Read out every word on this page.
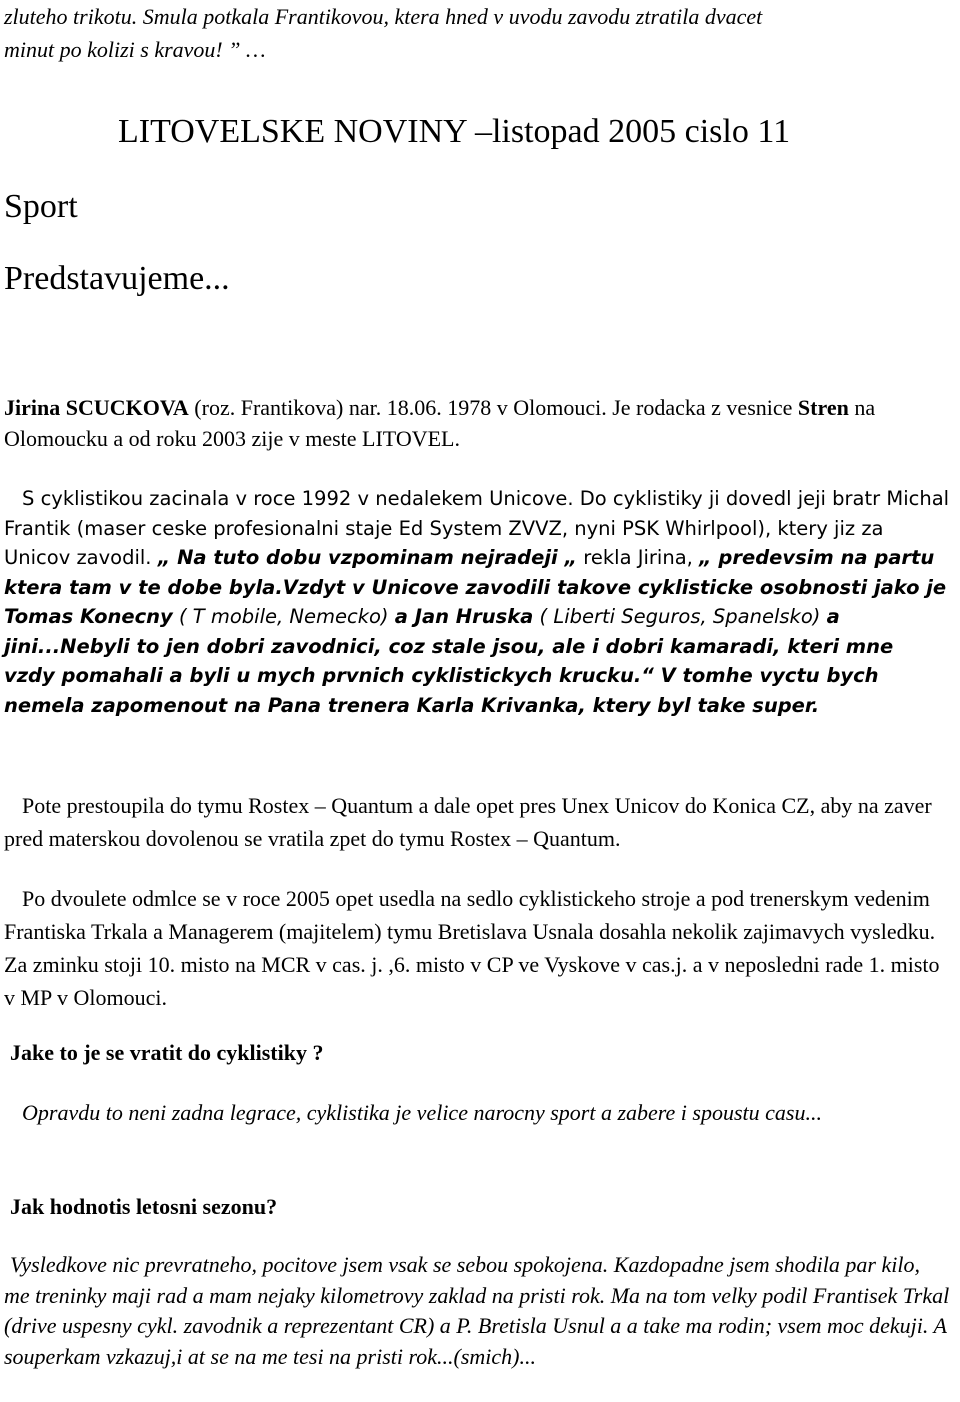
zluteho trikotu. Smula potkala Frantikovou, ktera hned v uvodu zavodu ztratila dvacet
minut po kolizi s kravou! ” …

LITOVELSKE NOVINY –listopad 2005 cislo 11
Sport
Predstavujeme...

Jirina SCUCKOVA (roz. Frantikova) nar. 18.06. 1978 v Olomouci. Je rodacka z vesnice Stren na Olomoucku a od roku 2003 zije v meste LITOVEL.

S cyklistikou zacinala v roce 1992 v nedalekem Unicove. Do cyklistiky ji dovedl jeji bratr Michal Frantik (maser ceske profesionalni staje Ed System ZVVZ, nyni PSK Whirlpool), ktery jiz za Unicov zavodil. „ Na tuto dobu vzpominam nejradeji „ rekla Jirina, „ predevsim na partu ktera tam v te dobe byla.Vzdyt v Unicove zavodili takove cyklisticke osobnosti jako je Tomas Konecny ( T mobile, Nemecko) a Jan Hruska ( Liberti Seguros, Spanelsko) a jini...Nebyli to jen dobri zavodnici, coz stale jsou, ale i dobri kamaradi, kteri mne vzdy pomahali a byli u mych prvnich cyklistickych krucku.“ V tomhe vyctu bych nemela zapomenout na Pana trenera Karla Krivanka, ktery byl take super.

Pote prestoupila do tymu Rostex – Quantum a dale opet pres Unex Unicov do Konica CZ, aby na zaver pred materskou dovolenou se vratila zpet do tymu Rostex – Quantum.

Po dvoulete odmlce se v roce 2005 opet usedla na sedlo cyklistickeho stroje a pod trenerskym vedenim Frantiska Trkala a Managerem (majitelem) tymu Bretislava Usnala dosahla nekolik zajimavych vysledku. Za zminku stoji 10. misto na MCR v cas. j. ,6. misto v CP ve Vyskove v cas.j. a v neposledni rade 1. misto v MP v Olomouci.

Jake to je se vratit do cyklistiky ?

Opravdu to neni zadna legrace, cyklistika je velice narocny sport a zabere i spoustu casu...

Jak hodnotis letosni sezonu?

Vysledkove nic prevratneho, pocitove jsem vsak se sebou spokojena. Kazdopadne jsem shodila par kilo, me treninky maji rad a mam nejaky kilometrovy zaklad na pristi rok. Ma na tom velky podil Frantisek Trkal (drive uspesny cykl. zavodnik a reprezentant CR) a P. Bretisla Usnul a a take ma rodin; vsem moc dekuji. A souperkam vzkazuj,i at se na me tesi na pristi rok...(smich)...
